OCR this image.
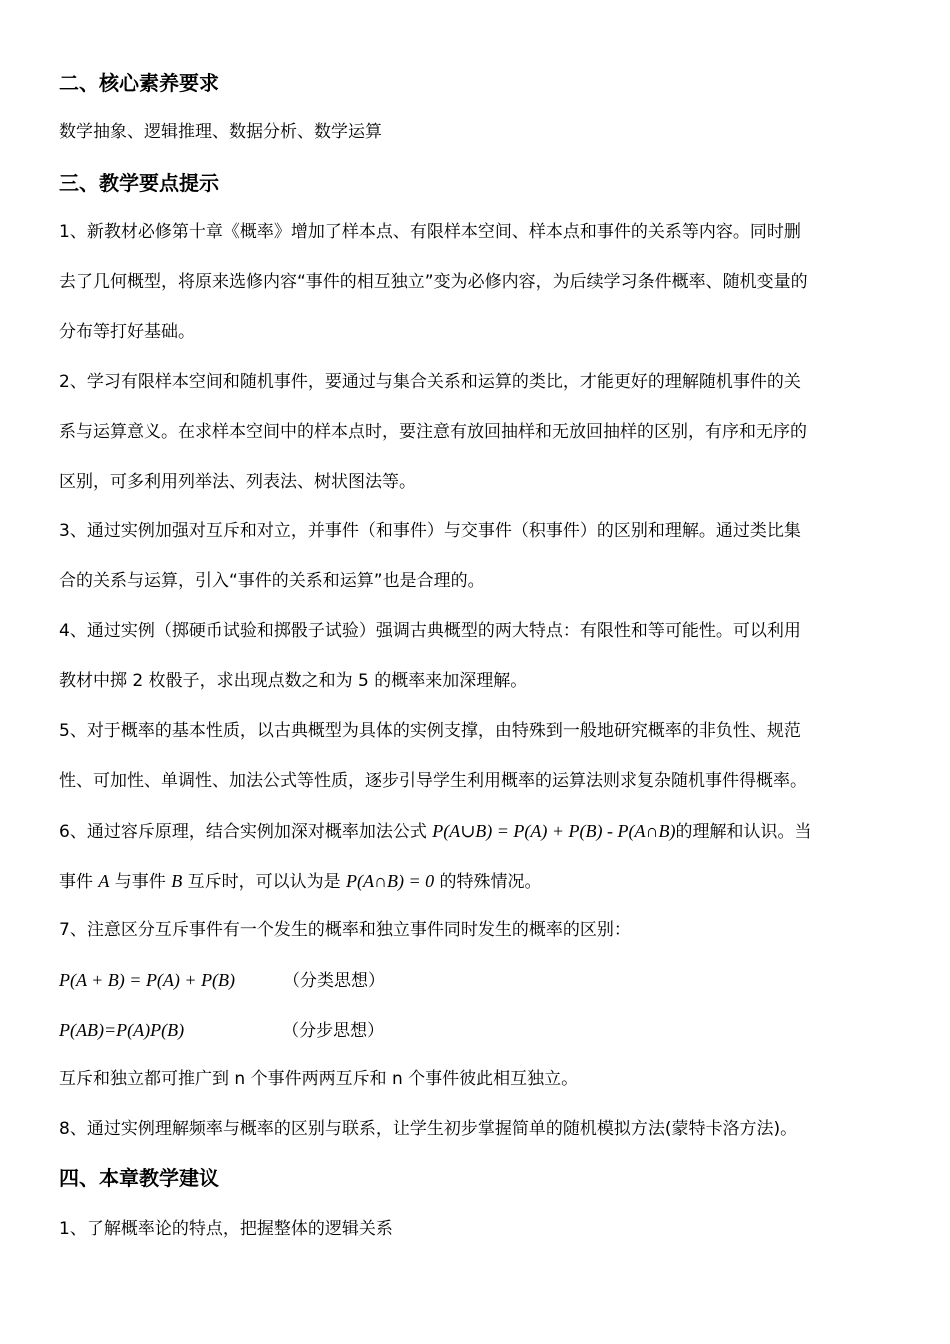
二、核心素养要求
数学抽象、逻辑推理、数据分析、数学运算
三、教学要点提示
1、新教材必修第十章《概率》增加了样本点、有限样本空间、样本点和事件的关系等内容。同时删
去了几何概型，将原来选修内容“事件的相互独立”变为必修内容，为后续学习条件概率、随机变量的
分布等打好基础。
2、学习有限样本空间和随机事件，要通过与集合关系和运算的类比，才能更好的理解随机事件的关
系与运算意义。在求样本空间中的样本点时，要注意有放回抽样和无放回抽样的区别，有序和无序的
区别，可多利用列举法、列表法、树状图法等。
3、通过实例加强对互斥和对立，并事件（和事件）与交事件（积事件）的区别和理解。通过类比集
合的关系与运算，引入“事件的关系和运算”也是合理的。
4、通过实例（掷硬币试验和掷骰子试验）强调古典概型的两大特点：有限性和等可能性。可以利用
教材中掷 2 枚骰子，求出现点数之和为 5 的概率来加深理解。
5、对于概率的基本性质，以古典概型为具体的实例支撑，由特殊到一般地研究概率的非负性、规范
性、可加性、单调性、加法公式等性质，逐步引导学生利用概率的运算法则求复杂随机事件得概率。
6、通过容斥原理，结合实例加深对概率加法公式 P(A∪B) = P(A) + P(B) - P(A∩B)的理解和认识。当
事件 A 与事件 B 互斥时，可以认为是 P(A∩B) = 0 的特殊情况。
7、注意区分互斥事件有一个发生的概率和独立事件同时发生的概率的区别：
P(A + B) = P(A) + P(B)	（分类思想）
P(AB)=P(A)P(B)	（分步思想）
互斥和独立都可推广到 n 个事件两两互斥和 n 个事件彼此相互独立。
8、通过实例理解频率与概率的区别与联系，让学生初步掌握简单的随机模拟方法(蒙特卡洛方法)。
四、本章教学建议
1、了解概率论的特点，把握整体的逻辑关系
